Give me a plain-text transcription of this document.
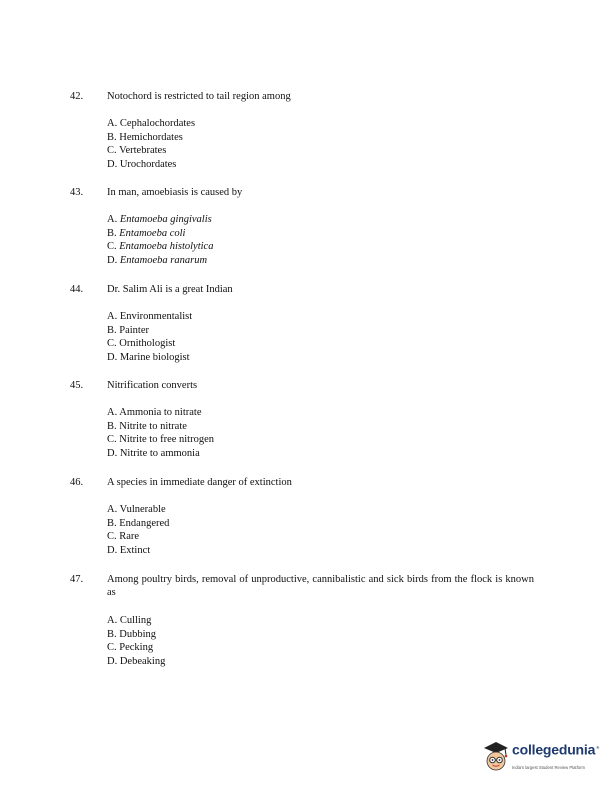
42. Notochord is restricted to tail region among
A. Cephalochordates
B. Hemichordates
C. Vertebrates
D. Urochordates
43. In man, amoebiasis is caused by
A. Entamoeba gingivalis
B. Entamoeba coli
C. Entamoeba histolytica
D. Entamoeba ranarum
44. Dr. Salim Ali is a great Indian
A. Environmentalist
B. Painter
C. Ornithologist
D. Marine biologist
45. Nitrification converts
A. Ammonia to nitrate
B. Nitrite to nitrate
C. Nitrite to free nitrogen
D. Nitrite to ammonia
46. A species in immediate danger of extinction
A. Vulnerable
B. Endangered
C. Rare
D. Extinct
47. Among poultry birds, removal of unproductive, cannibalistic and sick birds from the flock is known as
A. Culling
B. Dubbing
C. Pecking
D. Debeaking
collegedunia®
India's largest Student Review Platform
